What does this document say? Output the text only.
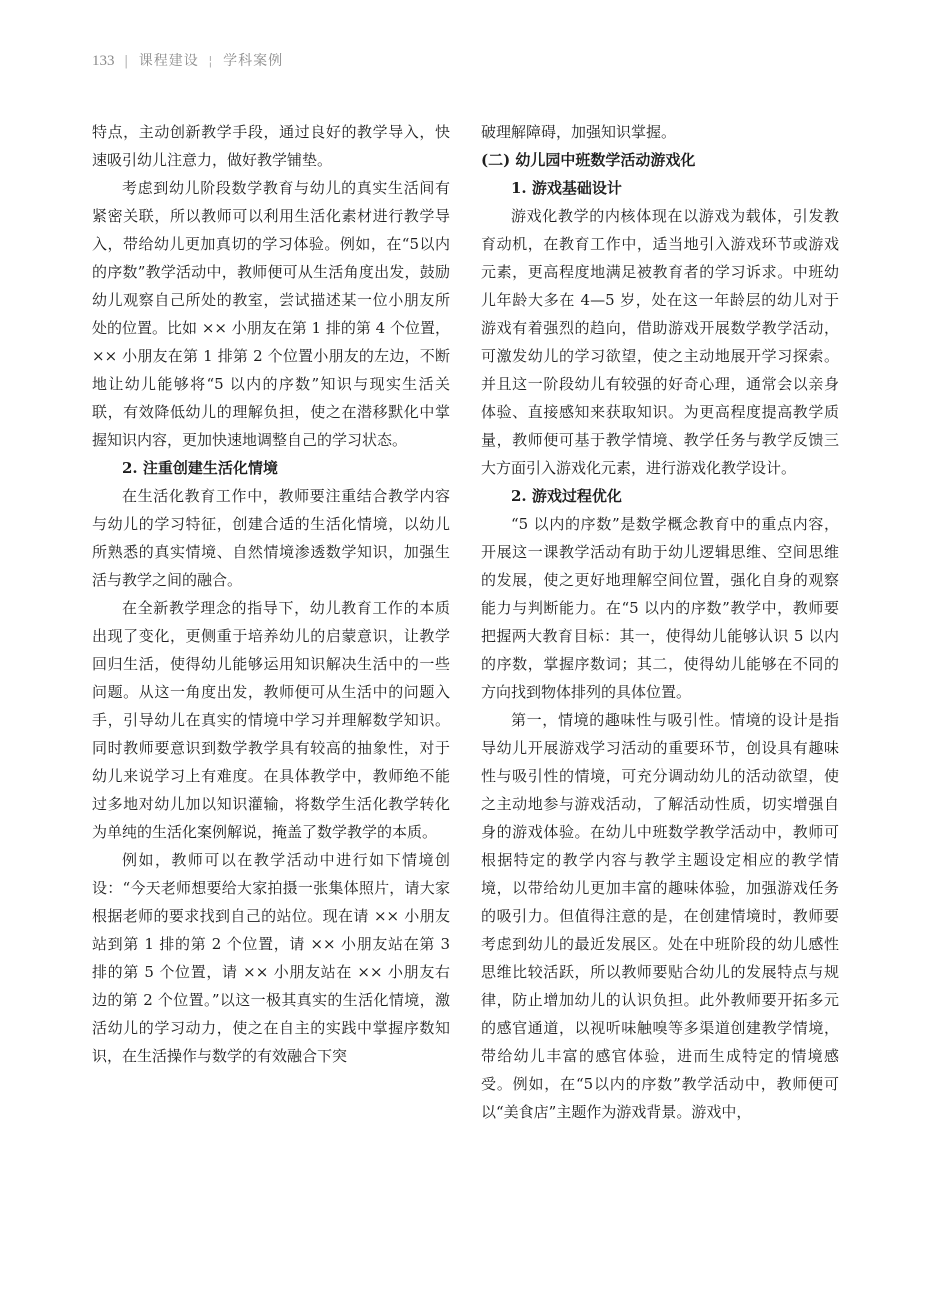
133 | 课程建设 ¦ 学科案例

特点，主动创新教学手段，通过良好的教学导入，快速吸引幼儿注意力，做好教学铺垫。

考虑到幼儿阶段数学教育与幼儿的真实生活间有紧密关联，所以教师可以利用生活化素材进行教学导入，带给幼儿更加真切的学习体验。例如，在“5以内的序数”教学活动中，教师便可从生活角度出发，鼓励幼儿观察自己所处的教室，尝试描述某一位小朋友所处的位置。比如 ×× 小朋友在第 1 排的第 4 个位置， ×× 小朋友在第 1 排第 2 个位置小朋友的左边，不断地让幼儿能够将“5 以内的序数”知识与现实生活关联，有效降低幼儿的理解负担，使之在潜移默化中掌握知识内容，更加快速地调整自己的学习状态。

2. 注重创建生活化情境

在生活化教育工作中，教师要注重结合教学内容与幼儿的学习特征，创建合适的生活化情境，以幼儿所熟悉的真实情境、自然情境渗透数学知识，加强生活与教学之间的融合。

在全新教学理念的指导下，幼儿教育工作的本质出现了变化，更侧重于培养幼儿的启蒙意识，让教学回归生活，使得幼儿能够运用知识解决生活中的一些问题。从这一角度出发，教师便可从生活中的问题入手，引导幼儿在真实的情境中学习并理解数学知识。同时教师要意识到数学教学具有较高的抽象性，对于幼儿来说学习上有难度。在具体教学中，教师绝不能过多地对幼儿加以知识灌输，将数学生活化教学转化为单纯的生活化案例解说，掩盖了数学教学的本质。

例如，教师可以在教学活动中进行如下情境创设：“今天老师想要给大家拍摄一张集体照片，请大家根据老师的要求找到自己的站位。现在请 ×× 小朋友站到第 1 排的第 2 个位置，请 ×× 小朋友站在第 3 排的第 5 个位置，请 ×× 小朋友站在 ×× 小朋友右边的第 2 个位置。”以这一极其真实的生活化情境，激活幼儿的学习动力，使之在自主的实践中掌握序数知识，在生活操作与数学的有效融合下突

破理解障碍，加强知识掌握。

(二) 幼儿园中班数学活动游戏化

1. 游戏基础设计

游戏化教学的内核体现在以游戏为载体，引发教育动机，在教育工作中，适当地引入游戏环节或游戏元素，更高程度地满足被教育者的学习诉求。中班幼儿年龄大多在 4—5 岁，处在这一年龄层的幼儿对于游戏有着强烈的趋向，借助游戏开展数学教学活动，可激发幼儿的学习欲望，使之主动地展开学习探索。并且这一阶段幼儿有较强的好奇心理，通常会以亲身体验、直接感知来获取知识。为更高程度提高教学质量，教师便可基于教学情境、教学任务与教学反馈三大方面引入游戏化元素，进行游戏化教学设计。

2. 游戏过程优化

“5 以内的序数”是数学概念教育中的重点内容，开展这一课教学活动有助于幼儿逻辑思维、空间思维的发展，使之更好地理解空间位置，强化自身的观察能力与判断能力。在“5 以内的序数”教学中，教师要把握两大教育目标：其一，使得幼儿能够认识 5 以内的序数，掌握序数词；其二，使得幼儿能够在不同的方向找到物体排列的具体位置。

第一，情境的趣味性与吸引性。情境的设计是指导幼儿开展游戏学习活动的重要环节，创设具有趣味性与吸引性的情境，可充分调动幼儿的活动欲望，使之主动地参与游戏活动，了解活动性质，切实增强自身的游戏体验。在幼儿中班数学教学活动中，教师可根据特定的教学内容与教学主题设定相应的教学情境，以带给幼儿更加丰富的趣味体验，加强游戏任务的吸引力。但值得注意的是，在创建情境时，教师要考虑到幼儿的最近发展区。处在中班阶段的幼儿感性思维比较活跃，所以教师要贴合幼儿的发展特点与规律，防止增加幼儿的认识负担。此外教师要开拓多元的感官通道，以视听味触嗅等多渠道创建教学情境，带给幼儿丰富的感官体验，进而生成特定的情境感受。例如，在“5以内的序数”教学活动中，教师便可以“美食店”主题作为游戏背景。游戏中，
